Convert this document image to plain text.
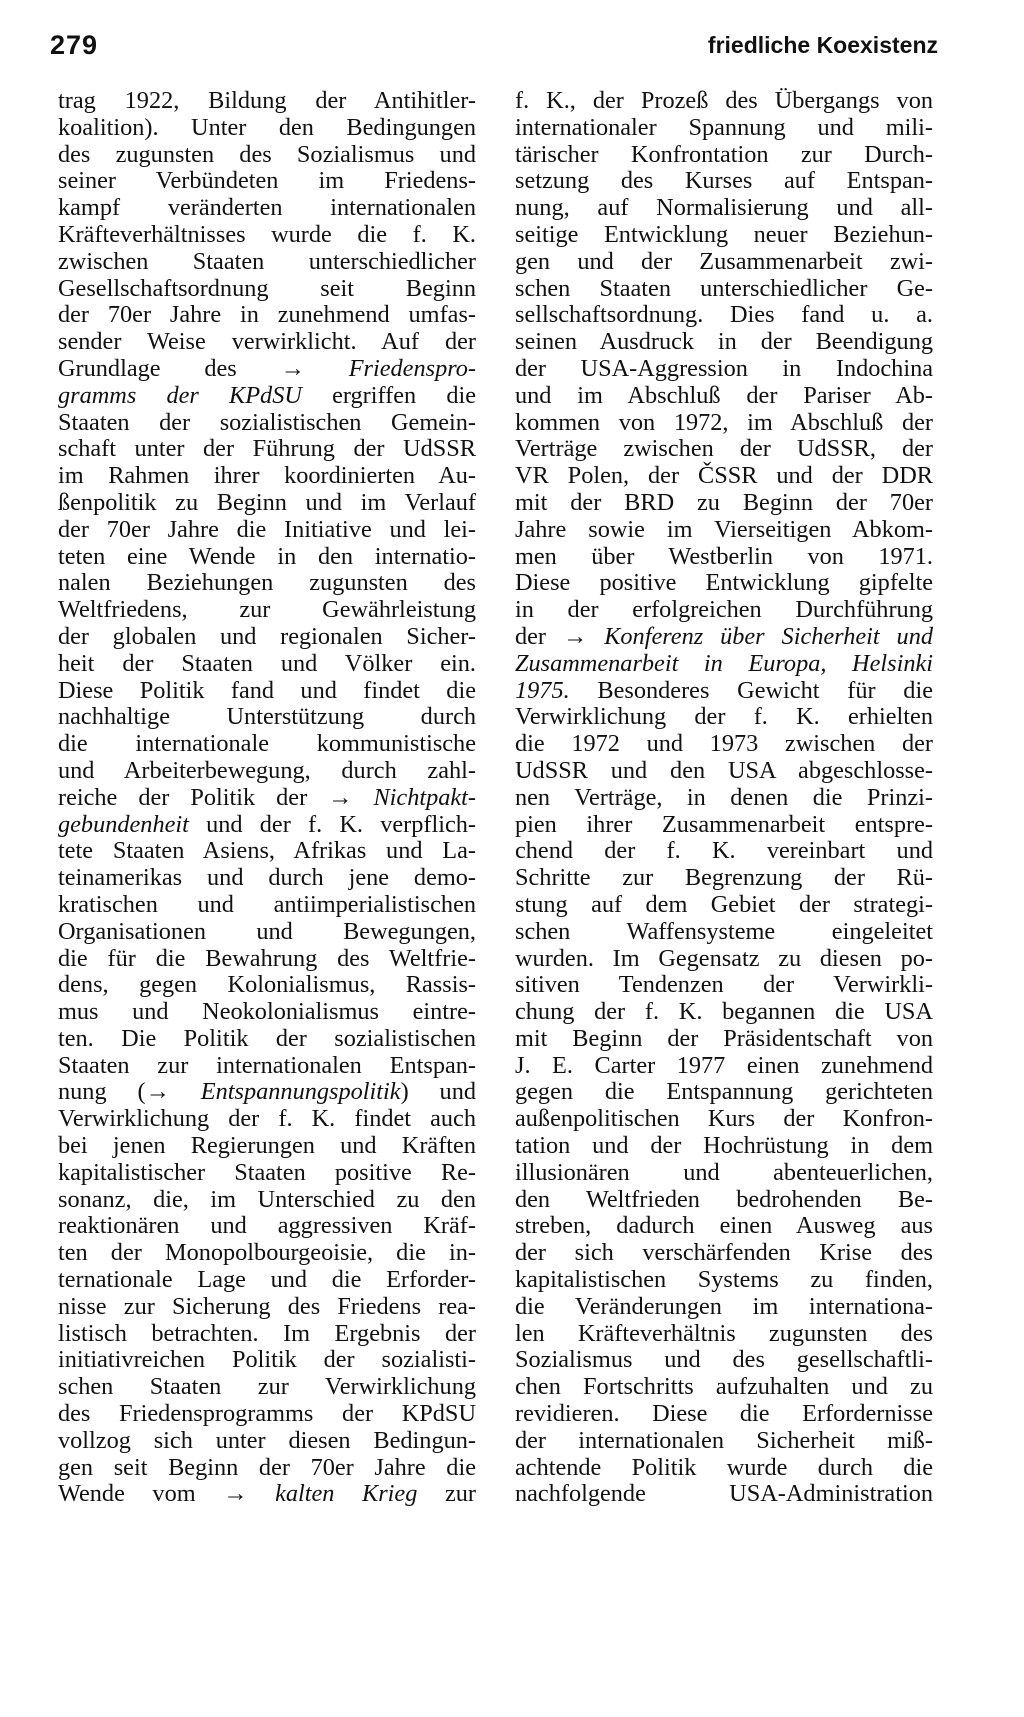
279	friedliche Koexistenz
trag 1922, Bildung der Antihitler-
koalition). Unter den Bedingungen
des zugunsten des Sozialismus und
seiner Verbündeten im Friedens-
kampf veränderten internationalen
Kräfteverhältnisses wurde die f. K.
zwischen Staaten unterschiedlicher
Gesellschaftsordnung seit Beginn
der 70er Jahre in zunehmend umfas-
sender Weise verwirklicht. Auf der
Grundlage des → Friedenspro-
gramms der KPdSU ergriffen die
Staaten der sozialistischen Gemein-
schaft unter der Führung der UdSSR
im Rahmen ihrer koordinierten Au-
ßenpolitik zu Beginn und im Verlauf
der 70er Jahre die Initiative und lei-
teten eine Wende in den internatio-
nalen Beziehungen zugunsten des
Weltfriedens, zur Gewährleistung
der globalen und regionalen Sicher-
heit der Staaten und Völker ein.
Diese Politik fand und findet die
nachhaltige Unterstützung durch
die internationale kommunistische
und Arbeiterbewegung, durch zahl-
reiche der Politik der → Nichtpakt-
gebundenheit und der f. K. verpflich-
tete Staaten Asiens, Afrikas und La-
teinamerikas und durch jene demo-
kratischen und antiimperialistischen
Organisationen und Bewegungen,
die für die Bewahrung des Weltfrie-
dens, gegen Kolonialismus, Rassis-
mus und Neokolonialismus eintre-
ten. Die Politik der sozialistischen
Staaten zur internationalen Entspan-
nung (→ Entspannungspolitik) und
Verwirklichung der f. K. findet auch
bei jenen Regierungen und Kräften
kapitalistischer Staaten positive Re-
sonanz, die, im Unterschied zu den
reaktionären und aggressiven Kräf-
ten der Monopolbourgeoisie, die in-
ternationale Lage und die Erforder-
nisse zur Sicherung des Friedens rea-
listisch betrachten. Im Ergebnis der
initiativreichen Politik der sozialisti-
schen Staaten zur Verwirklichung
des Friedensprogramms der KPdSU
vollzog sich unter diesen Bedingun-
gen seit Beginn der 70er Jahre die
Wende vom → kalten Krieg zur
f. K., der Prozeß des Übergangs von
internationaler Spannung und mili-
tärischer Konfrontation zur Durch-
setzung des Kurses auf Entspan-
nung, auf Normalisierung und all-
seitige Entwicklung neuer Beziehun-
gen und der Zusammenarbeit zwi-
schen Staaten unterschiedlicher Ge-
sellschaftsordnung. Dies fand u. a.
seinen Ausdruck in der Beendigung
der USA-Aggression in Indochina
und im Abschluß der Pariser Ab-
kommen von 1972, im Abschluß der
Verträge zwischen der UdSSR, der
VR Polen, der ČSSR und der DDR
mit der BRD zu Beginn der 70er
Jahre sowie im Vierseitigen Abkom-
men über Westberlin von 1971.
Diese positive Entwicklung gipfelte
in der erfolgreichen Durchführung
der → Konferenz über Sicherheit und
Zusammenarbeit in Europa, Helsinki
1975. Besonderes Gewicht für die
Verwirklichung der f. K. erhielten
die 1972 und 1973 zwischen der
UdSSR und den USA abgeschlosse-
nen Verträge, in denen die Prinzi-
pien ihrer Zusammenarbeit entspre-
chend der f. K. vereinbart und
Schritte zur Begrenzung der Rü-
stung auf dem Gebiet der strategi-
schen Waffensysteme eingeleitet
wurden. Im Gegensatz zu diesen po-
sitiven Tendenzen der Verwirkli-
chung der f. K. begannen die USA
mit Beginn der Präsidentschaft von
J. E. Carter 1977 einen zunehmend
gegen die Entspannung gerichteten
außenpolitischen Kurs der Konfron-
tation und der Hochrüstung in dem
illusionären und abenteuerlichen,
den Weltfrieden bedrohenden Be-
streben, dadurch einen Ausweg aus
der sich verschärfenden Krise des
kapitalistischen Systems zu finden,
die Veränderungen im internationa-
len Kräfteverhältnis zugunsten des
Sozialismus und des gesellschaftli-
chen Fortschritts aufzuhalten und zu
revidieren. Diese die Erfordernisse
der internationalen Sicherheit miß-
achtende Politik wurde durch die
nachfolgende USA-Administration
